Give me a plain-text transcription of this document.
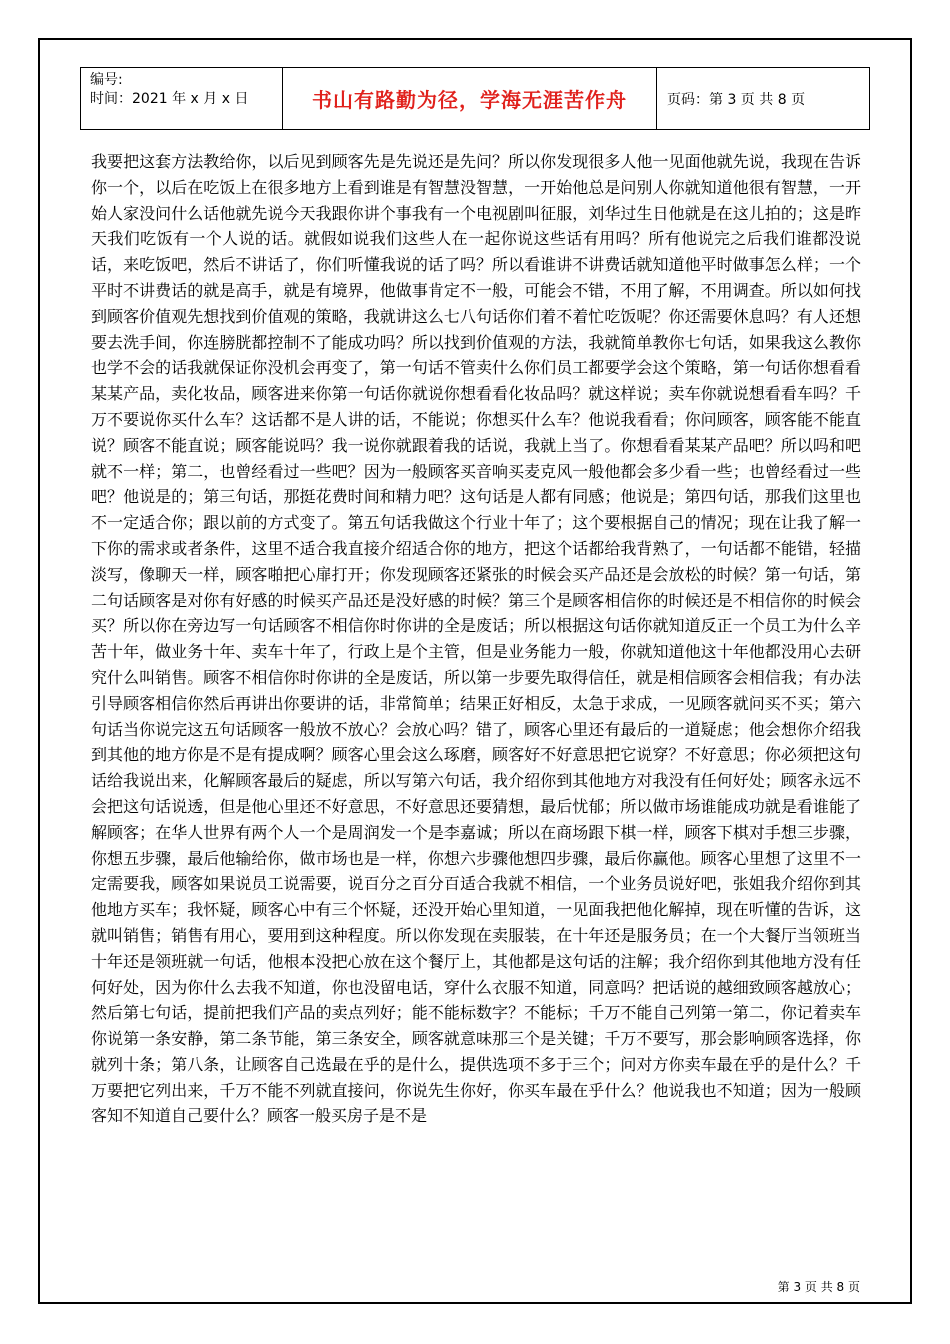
编号:
时间：2021 年 x 月 x 日	书山有路勤为径，学海无涯苦作舟	页码：第 3 页 共 8 页
我要把这套方法教给你，以后见到顾客先是先说还是先问？所以你发现很多人他一见面他就先说，我现在告诉你一个，以后在吃饭上在很多地方上看到谁是有智慧没智慧，一开始他总是问别人你就知道他很有智慧，一开始人家没问什么话他就先说今天我跟你讲个事我有一个电视剧叫征服，刘华过生日他就是在这儿拍的；这是昨天我们吃饭有一个人说的话。就假如说我们这些人在一起你说这些话有用吗？所有他说完之后我们谁都没说话，来吃饭吧，然后不讲话了，你们听懂我说的话了吗？所以看谁讲不讲费话就知道他平时做事怎么样；一个平时不讲费话的就是高手，就是有境界，他做事肯定不一般，可能会不错，不用了解，不用调查。所以如何找到顾客价值观先想找到价值观的策略，我就讲这么七八句话你们着不着忙吃饭呢？你还需要休息吗？有人还想要去洗手间，你连膀胱都控制不了能成功吗？所以找到价值观的方法，我就简单教你七句话，如果我这么教你也学不会的话我就保证你没机会再变了，第一句话不管卖什么你们员工都要学会这个策略，第一句话你想看看某某产品，卖化妆品，顾客进来你第一句话你就说你想看看化妆品吗？就这样说；卖车你就说想看看车吗？千万不要说你买什么车？这话都不是人讲的话，不能说；你想买什么车？他说我看看；你问顾客，顾客能不能直说？顾客不能直说；顾客能说吗？我一说你就跟着我的话说，我就上当了。你想看看某某产品吧？所以吗和吧就不一样；第二，也曾经看过一些吧？因为一般顾客买音响买麦克风一般他都会多少看一些；也曾经看过一些吧？他说是的；第三句话，那挺花费时间和精力吧？这句话是人都有同感；他说是；第四句话，那我们这里也不一定适合你；跟以前的方式变了。第五句话我做这个行业十年了；这个要根据自己的情况；现在让我了解一下你的需求或者条件，这里不适合我直接介绍适合你的地方，把这个话都给我背熟了，一句话都不能错，轻描淡写，像聊天一样，顾客啪把心扉打开；你发现顾客还紧张的时候会买产品还是会放松的时候？第一句话，第二句话顾客是对你有好感的时候买产品还是没好感的时候？第三个是顾客相信你的时候还是不相信你的时候会买？所以你在旁边写一句话顾客不相信你时你讲的全是废话；所以根据这句话你就知道反正一个员工为什么辛苦十年，做业务十年、卖车十年了，行政上是个主管，但是业务能力一般，你就知道他这十年他都没用心去研究什么叫销售。顾客不相信你时你讲的全是废话，所以第一步要先取得信任，就是相信顾客会相信我；有办法引导顾客相信你然后再讲出你要讲的话，非常简单；结果正好相反，太急于求成，一见顾客就问买不买；第六句话当你说完这五句话顾客一般放不放心？会放心吗？错了，顾客心里还有最后的一道疑虑；他会想你介绍我到其他的地方你是不是有提成啊？顾客心里会这么琢磨，顾客好不好意思把它说穿？不好意思；你必须把这句话给我说出来，化解顾客最后的疑虑，所以写第六句话，我介绍你到其他地方对我没有任何好处；顾客永远不会把这句话说透，但是他心里还不好意思，不好意思还要猜想，最后忧郁；所以做市场谁能成功就是看谁能了解顾客；在华人世界有两个人一个是周润发一个是李嘉诚；所以在商场跟下棋一样，顾客下棋对手想三步骤，你想五步骤，最后他输给你，做市场也是一样，你想六步骤他想四步骤，最后你赢他。顾客心里想了这里不一定需要我，顾客如果说员工说需要，说百分之百分百适合我就不相信，一个业务员说好吧，张姐我介绍你到其他地方买车；我怀疑，顾客心中有三个怀疑，还没开始心里知道，一见面我把他化解掉，现在听懂的告诉，这就叫销售；销售有用心，要用到这种程度。所以你发现在卖服装，在十年还是服务员；在一个大餐厅当领班当十年还是领班就一句话，他根本没把心放在这个餐厅上，其他都是这句话的注解；我介绍你到其他地方没有任何好处，因为你什么去我不知道，你也没留电话，穿什么衣服不知道，同意吗？把话说的越细致顾客越放心；然后第七句话，提前把我们产品的卖点列好；能不能标数字？不能标；千万不能自己列第一第二，你记着卖车你说第一条安静，第二条节能，第三条安全，顾客就意味那三个是关键；千万不要写，那会影响顾客选择，你就列十条；第八条，让顾客自己选最在乎的是什么，提供选项不多于三个；问对方你卖车最在乎的是什么？千万要把它列出来，千万不能不列就直接问，你说先生你好，你买车最在乎什么？他说我也不知道；因为一般顾客知不知道自己要什么？顾客一般买房子是不是
第 3 页 共 8 页
